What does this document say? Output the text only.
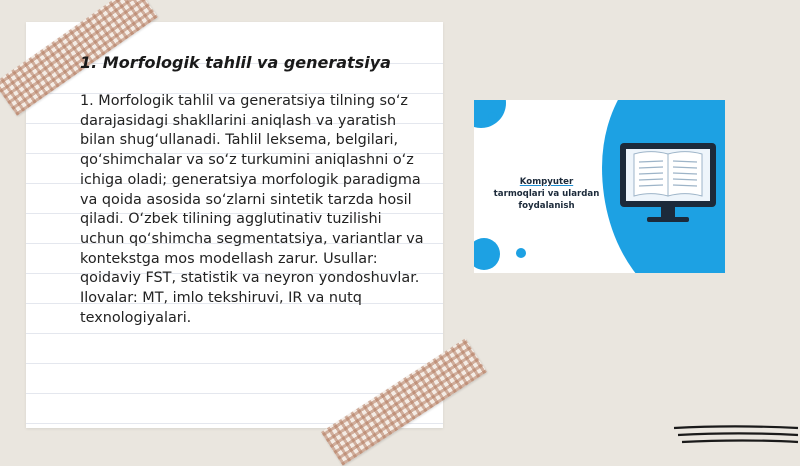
1. Morfologik tahlil va generatsiya

1. Morfologik tahlil va generatsiya tilning so‘z darajasidagi shakllarini aniqlash va yaratish bilan shug‘ullanadi. Tahlil leksema, belgilari, qo‘shimchalar va so‘z turkumini aniqlashni o‘z ichiga oladi; generatsiya morfologik paradigma va qoida asosida so‘zlarni sintetik tarzda hosil qiladi. O‘zbek tilining agglutinativ tuzilishi uchun qo‘shimcha segmentatsiya, variantlar va kontekstga mos modellash zarur. Usullar: qoidaviy FST, statistik va neyron yondoshuvlar. Ilovalar: MT, imlo tekshiruvi, IR va nutq texnologiyalari.

Kompyuter
tarmoqlari va ulardan
foydalanish
